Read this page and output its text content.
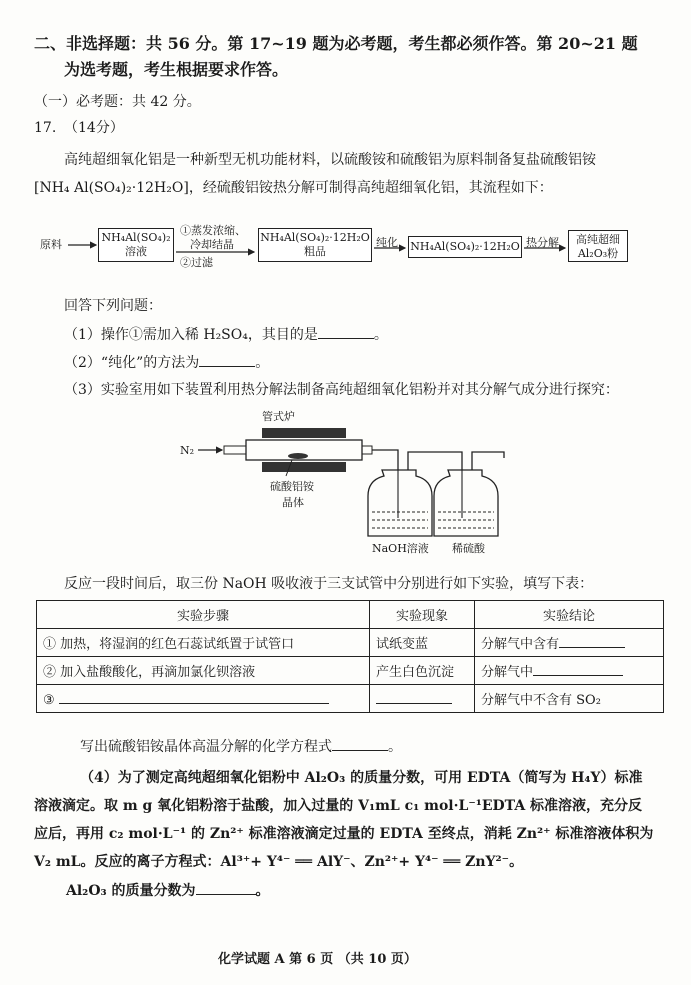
二、非选择题：共 56 分。第 17~19 题为必考题，考生都必须作答。第 20~21 题
为选考题，考生根据要求作答。
（一）必考题：共 42 分。
17. （14分）
高纯超细氧化铝是一种新型无机功能材料，以硫酸铵和硫酸铝为原料制备复盐硫酸铝铵
[NH₄ Al(SO₄)₂·12H₂O]，经硫酸铝铵热分解可制得高纯超细氧化铝，其流程如下：
原料
NH₄Al(SO₄)₂
溶液
①蒸发浓缩、
冷却结晶
②过滤
NH₄Al(SO₄)₂·12H₂O
粗品
纯化 NH₄Al(SO₄)₂·12H₂O 热分解	高纯超细
Al₂O₃粉
回答下列问题：
（1）操作①需加入稀 H₂SO₄，其目的是	。
（2）“纯化”的方法为	。
（3）实验室用如下装置利用热分解法制备高纯超细氧化铝粉并对其分解气成分进行探究：
管式炉
N₂
硫酸铝铵
晶体
NaOH溶液 稀硫酸
反应一段时间后，取三份 NaOH 吸收液于三支试管中分别进行如下实验，填写下表：
实验步骤	实验现象	实验结论
① 加热，将湿润的红色石蕊试纸置于试管口	试纸变蓝	分解气中含有
② 加入盐酸酸化，再滴加氯化钡溶液	产生白色沉淀	分解气中
③		分解气中不含有 SO₂
写出硫酸铝铵晶体高温分解的化学方程式	。
（4）为了测定高纯超细氧化铝粉中 Al₂O₃ 的质量分数，可用 EDTA（简写为 H₄Y）标准
溶液滴定。取 m g 氧化铝粉溶于盐酸，加入过量的 V₁mL c₁ mol·L⁻¹EDTA 标准溶液，充分反
应后，再用 c₂ mol·L⁻¹ 的 Zn²⁺ 标准溶液滴定过量的 EDTA 至终点，消耗 Zn²⁺ 标准溶液体积为
V₂ mL。反应的离子方程式：Al³⁺+ Y⁴⁻ ══ AlY⁻、Zn²⁺+ Y⁴⁻ ══ ZnY²⁻。
Al₂O₃ 的质量分数为	。
化学试题 A 第 6 页 （共 10 页）
